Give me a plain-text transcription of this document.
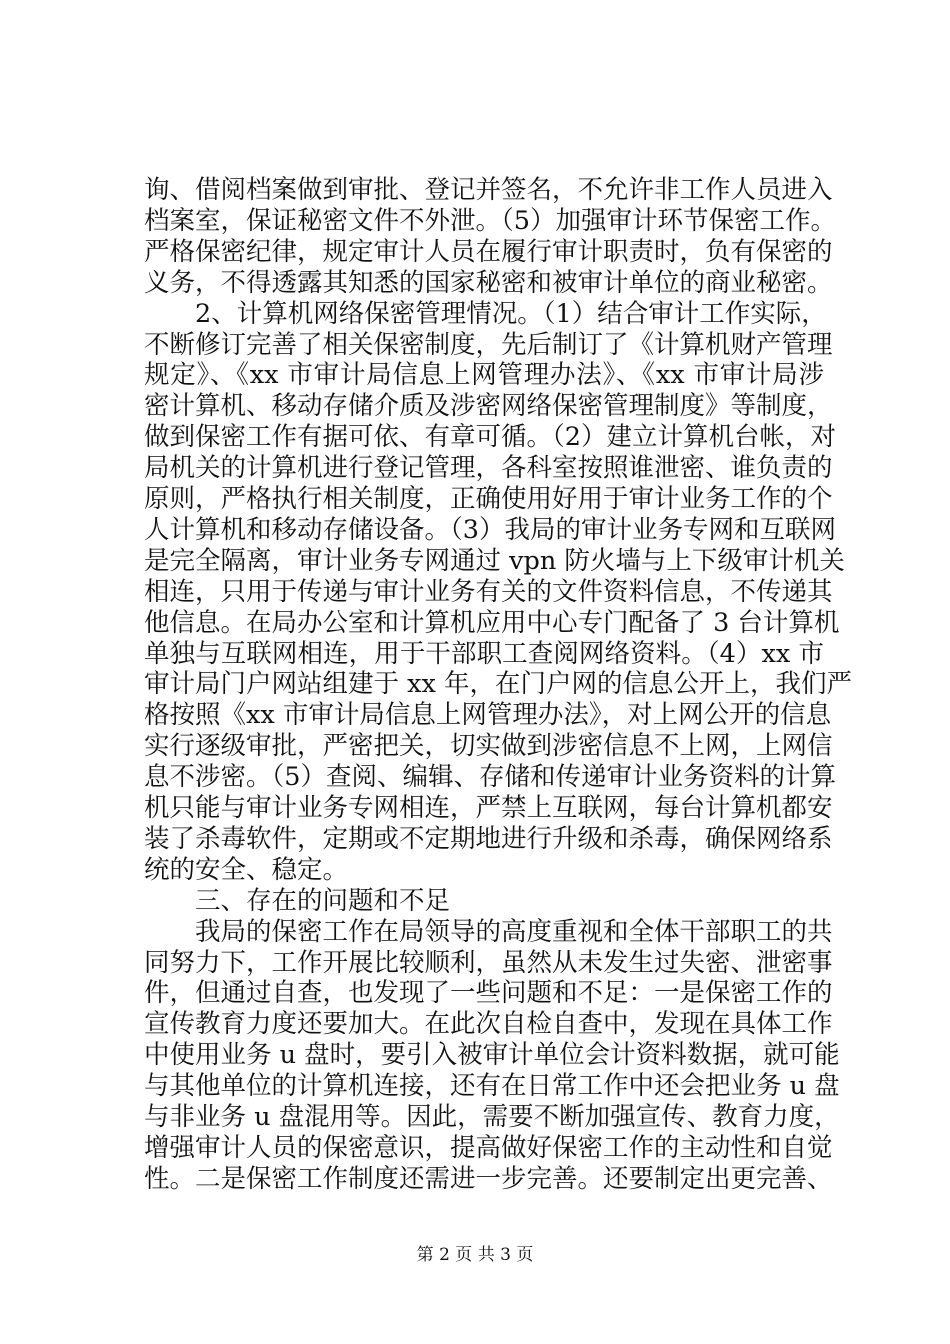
询、借阅档案做到审批、登记并签名，不允许非工作人员进入
档案室，保证秘密文件不外泄。（5）加强审计环节保密工作。
严格保密纪律，规定审计人员在履行审计职责时，负有保密的
义务，不得透露其知悉的国家秘密和被审计单位的商业秘密。
2、计算机网络保密管理情况。（1）结合审计工作实际，
不断修订完善了相关保密制度，先后制订了《计算机财产管理
规定》、《xx 市审计局信息上网管理办法》、《xx 市审计局涉
密计算机、移动存储介质及涉密网络保密管理制度》等制度，
做到保密工作有据可依、有章可循。（2）建立计算机台帐，对
局机关的计算机进行登记管理，各科室按照谁泄密、谁负责的
原则，严格执行相关制度，正确使用好用于审计业务工作的个
人计算机和移动存储设备。（3）我局的审计业务专网和互联网
是完全隔离，审计业务专网通过 vpn 防火墙与上下级审计机关
相连，只用于传递与审计业务有关的文件资料信息，不传递其
他信息。在局办公室和计算机应用中心专门配备了 3 台计算机
单独与互联网相连，用于干部职工查阅网络资料。（4）xx 市
审计局门户网站组建于 xx 年，在门户网的信息公开上，我们严
格按照《xx 市审计局信息上网管理办法》，对上网公开的信息
实行逐级审批，严密把关，切实做到涉密信息不上网，上网信
息不涉密。（5）查阅、编辑、存储和传递审计业务资料的计算
机只能与审计业务专网相连，严禁上互联网，每台计算机都安
装了杀毒软件，定期或不定期地进行升级和杀毒，确保网络系
统的安全、稳定。
三、存在的问题和不足
我局的保密工作在局领导的高度重视和全体干部职工的共
同努力下，工作开展比较顺利，虽然从未发生过失密、泄密事
件，但通过自查，也发现了一些问题和不足：一是保密工作的
宣传教育力度还要加大。在此次自检自查中，发现在具体工作
中使用业务 u 盘时，要引入被审计单位会计资料数据，就可能
与其他单位的计算机连接，还有在日常工作中还会把业务 u 盘
与非业务 u 盘混用等。因此，需要不断加强宣传、教育力度，
增强审计人员的保密意识，提高做好保密工作的主动性和自觉
性。二是保密工作制度还需进一步完善。还要制定出更完善、
第 2 页 共 3 页
